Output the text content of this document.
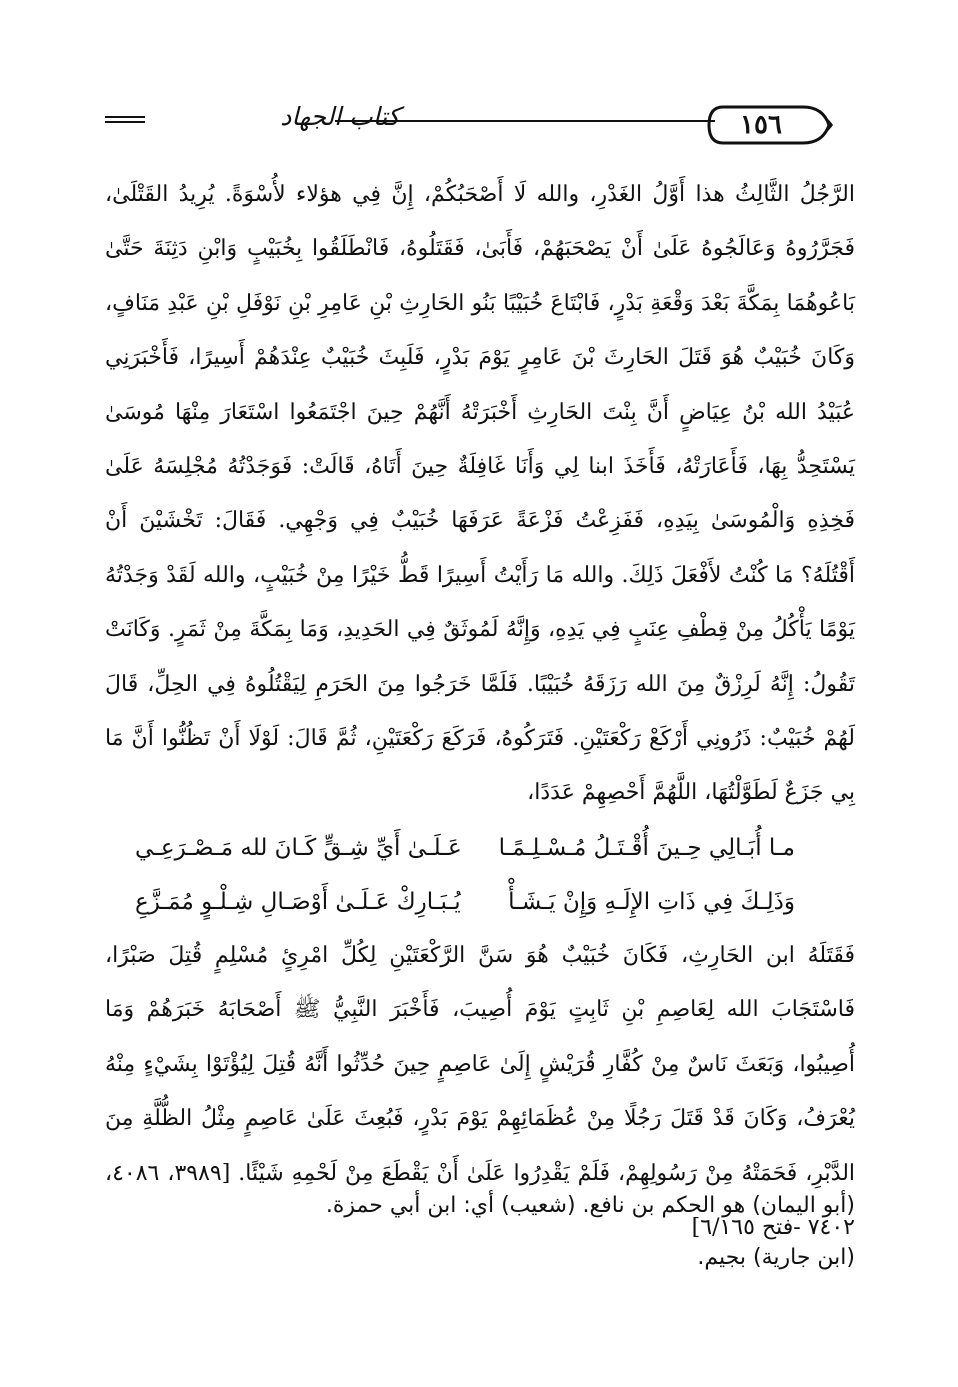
كتاب الجهاد	١٥٦

الرَّجُلُ الثَّالِثُ هذا أَوَّلُ الغَدْرِ، والله لَا أَصْحَبُكُمْ، إِنَّ فِي هؤلاء لأُسْوَةً. يُرِيدُ القَتْلَىٰ، فَجَرَّرُوهُ وَعَالَجُوهُ عَلَىٰ أَنْ يَصْحَبَهُمْ، فَأَبَىٰ، فَقَتَلُوهُ، فَانْطَلَقُوا بِخُبَيْبٍ وَابْنِ دَثِنَةَ حَتَّىٰ بَاعُوهُمَا بِمَكَّةَ بَعْدَ وَقْعَةِ بَدْرٍ، فَابْتَاعَ خُبَيْبًا بَنُو الحَارِثِ بْنِ عَامِرِ بْنِ نَوْفَلِ بْنِ عَبْدِ مَنَافٍ، وَكَانَ خُبَيْبٌ هُوَ قَتَلَ الحَارِثَ بْنَ عَامِرٍ يَوْمَ بَدْرٍ، فَلَبِثَ خُبَيْبٌ عِنْدَهُمْ أَسِيرًا، فَأَخْبَرَنِي عُبَيْدُ الله بْنُ عِيَاضٍ أَنَّ بِنْتَ الحَارِثِ أَخْبَرَتْهُ أَنَّهُمْ حِينَ اجْتَمَعُوا اسْتَعَارَ مِنْهَا مُوسَىٰ يَسْتَحِدُّ بِهَا، فَأَعَارَتْهُ، فَأَخَذَ ابنا لِي وَأَنَا غَافِلَةٌ حِينَ أَتَاهُ، قَالَتْ: فَوَجَدْتُهُ مُجْلِسَهُ عَلَىٰ فَخِذِهِ وَالْمُوسَىٰ بِيَدِهِ، فَفَزِعْتُ فَزْعَةً عَرَفَهَا خُبَيْبٌ فِي وَجْهِي. فَقَالَ: تَخْشَيْنَ أَنْ أَقْتُلَهُ؟ مَا كُنْتُ لأَفْعَلَ ذَلِكَ. والله مَا رَأَيْتُ أَسِيرًا قَطُّ خَيْرًا مِنْ خُبَيْبٍ، والله لَقَدْ وَجَدْتُهُ يَوْمًا يَأْكُلُ مِنْ قِطْفِ عِنَبٍ فِي يَدِهِ، وَإِنَّهُ لَمُوثَقٌ فِي الحَدِيدِ، وَمَا بِمَكَّةَ مِنْ ثَمَرٍ. وَكَانَتْ تَقُولُ: إِنَّهُ لَرِزْقٌ مِنَ الله رَزَقَهُ خُبَيْبًا. فَلَمَّا خَرَجُوا مِنَ الحَرَمِ لِيَقْتُلُوهُ فِي الحِلِّ، قَالَ لَهُمْ خُبَيْبٌ: ذَرُونِي أَرْكَعْ رَكْعَتَيْنِ. فَتَرَكُوهُ، فَرَكَعَ رَكْعَتَيْنِ، ثُمَّ قَالَ: لَوْلَا أَنْ تَظُنُّوا أَنَّ مَا بِي جَزَعٌ لَطَوَّلْتُهَا، اللَّهُمَّ أَحْصِهِمْ عَدَدًا،

مـا أُبَـالِي حِـينَ أُقْـتَـلُ مُـسْـلِـمًـا
عَـلَـىٰ أَيِّ شِـقٍّ كَـانَ لله مَـصْـرَعِـي
وَذَلِـكَ فِي ذَاتِ الإِلَـهِ وَإِنْ يَـشَـأْ
يُـبَـارِكْ عَـلَـىٰ أَوْصَـالِ شِـلْـوٍ مُمَـزَّعِ

فَقَتَلَهُ ابن الحَارِثِ، فَكَانَ خُبَيْبٌ هُوَ سَنَّ الرَّكْعَتَيْنِ لِكُلِّ امْرِئٍ مُسْلِمٍ قُتِلَ صَبْرًا، فَاسْتَجَابَ الله لِعَاصِمِ بْنِ ثَابِتٍ يَوْمَ أُصِيبَ، فَأَخْبَرَ النَّبِيُّ ﷺ أَصْحَابَهُ خَبَرَهُمْ وَمَا أُصِيبُوا، وَبَعَثَ نَاسٌ مِنْ كُفَّارِ قُرَيْشٍ إِلَىٰ عَاصِمٍ حِينَ حُدِّثُوا أَنَّهُ قُتِلَ لِيُؤْتَوْا بِشَيْءٍ مِنْهُ يُعْرَفُ، وَكَانَ قَدْ قَتَلَ رَجُلًا مِنْ عُظَمَائِهِمْ يَوْمَ بَدْرٍ، فَبُعِثَ عَلَىٰ عَاصِمٍ مِثْلُ الظُّلَّةِ مِنَ الدَّبْرِ، فَحَمَتْهُ مِنْ رَسُولِهِمْ، فَلَمْ يَقْدِرُوا عَلَىٰ أَنْ يَقْطَعَ مِنْ لَحْمِهِ شَيْئًا. [٣٩٨٩، ٤٠٨٦، ٧٤٠٢ -فتح ٦/١٦٥]

(أبو اليمان) هو الحكم بن نافع. (شعيب) أي: ابن أبي حمزة.

(ابن جارية) بجيم.
